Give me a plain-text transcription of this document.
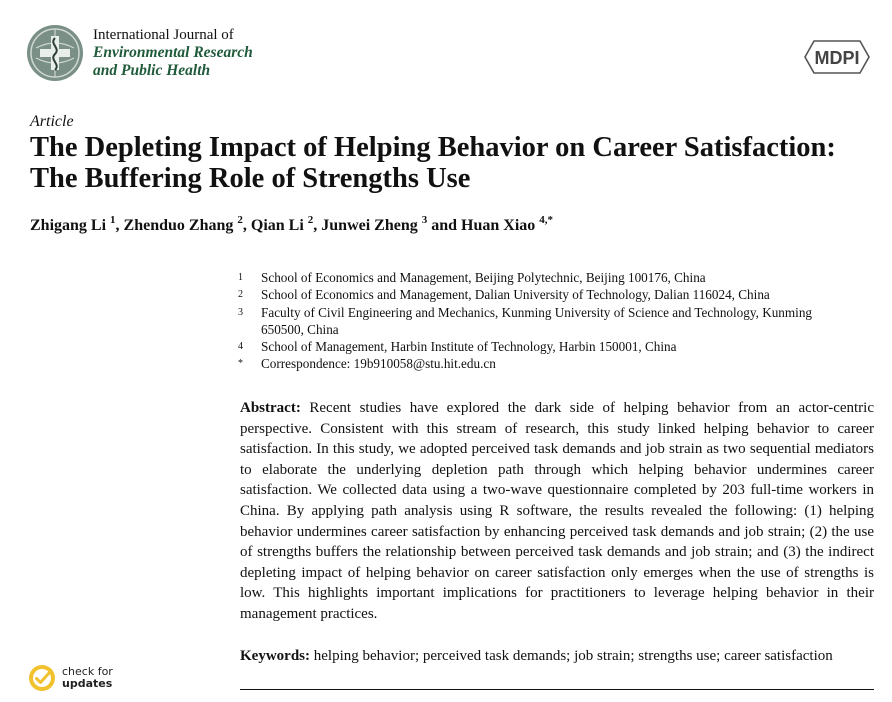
International Journal of
Environmental Research
and Public Health
MDPI
Article
The Depleting Impact of Helping Behavior on Career Satisfaction: The Buffering Role of Strengths Use
Zhigang Li $^1$, Zhenduo Zhang $^2$, Qian Li $^2$, Junwei Zheng $^3$ and Huan Xiao $^{4,*}$
1	School of Economics and Management, Beijing Polytechnic, Beijing 100176, China
2	School of Economics and Management, Dalian University of Technology, Dalian 116024, China
3	Faculty of Civil Engineering and Mechanics, Kunming University of Science and Technology, Kunming 650500, China
4	School of Management, Harbin Institute of Technology, Harbin 150001, China
*	Correspondence: 19b910058@stu.hit.edu.cn

Abstract: Recent studies have explored the dark side of helping behavior from an actor-centric perspective. Consistent with this stream of research, this study linked helping behavior to career satisfaction. In this study, we adopted perceived task demands and job strain as two sequential mediators to elaborate the underlying depletion path through which helping behavior undermines career satisfaction. We collected data using a two-wave questionnaire completed by 203 full-time workers in China. By applying path analysis using R software, the results revealed the following: (1) helping behavior undermines career satisfaction by enhancing perceived task demands and job strain; (2) the use of strengths buffers the relationship between perceived task demands and job strain; and (3) the indirect depleting impact of helping behavior on career satisfaction only emerges when the use of strengths is low. This highlights important implications for practitioners to leverage helping behavior in their management practices.

Keywords: helping behavior; perceived task demands; job strain; strengths use; career satisfaction
check for
updates
